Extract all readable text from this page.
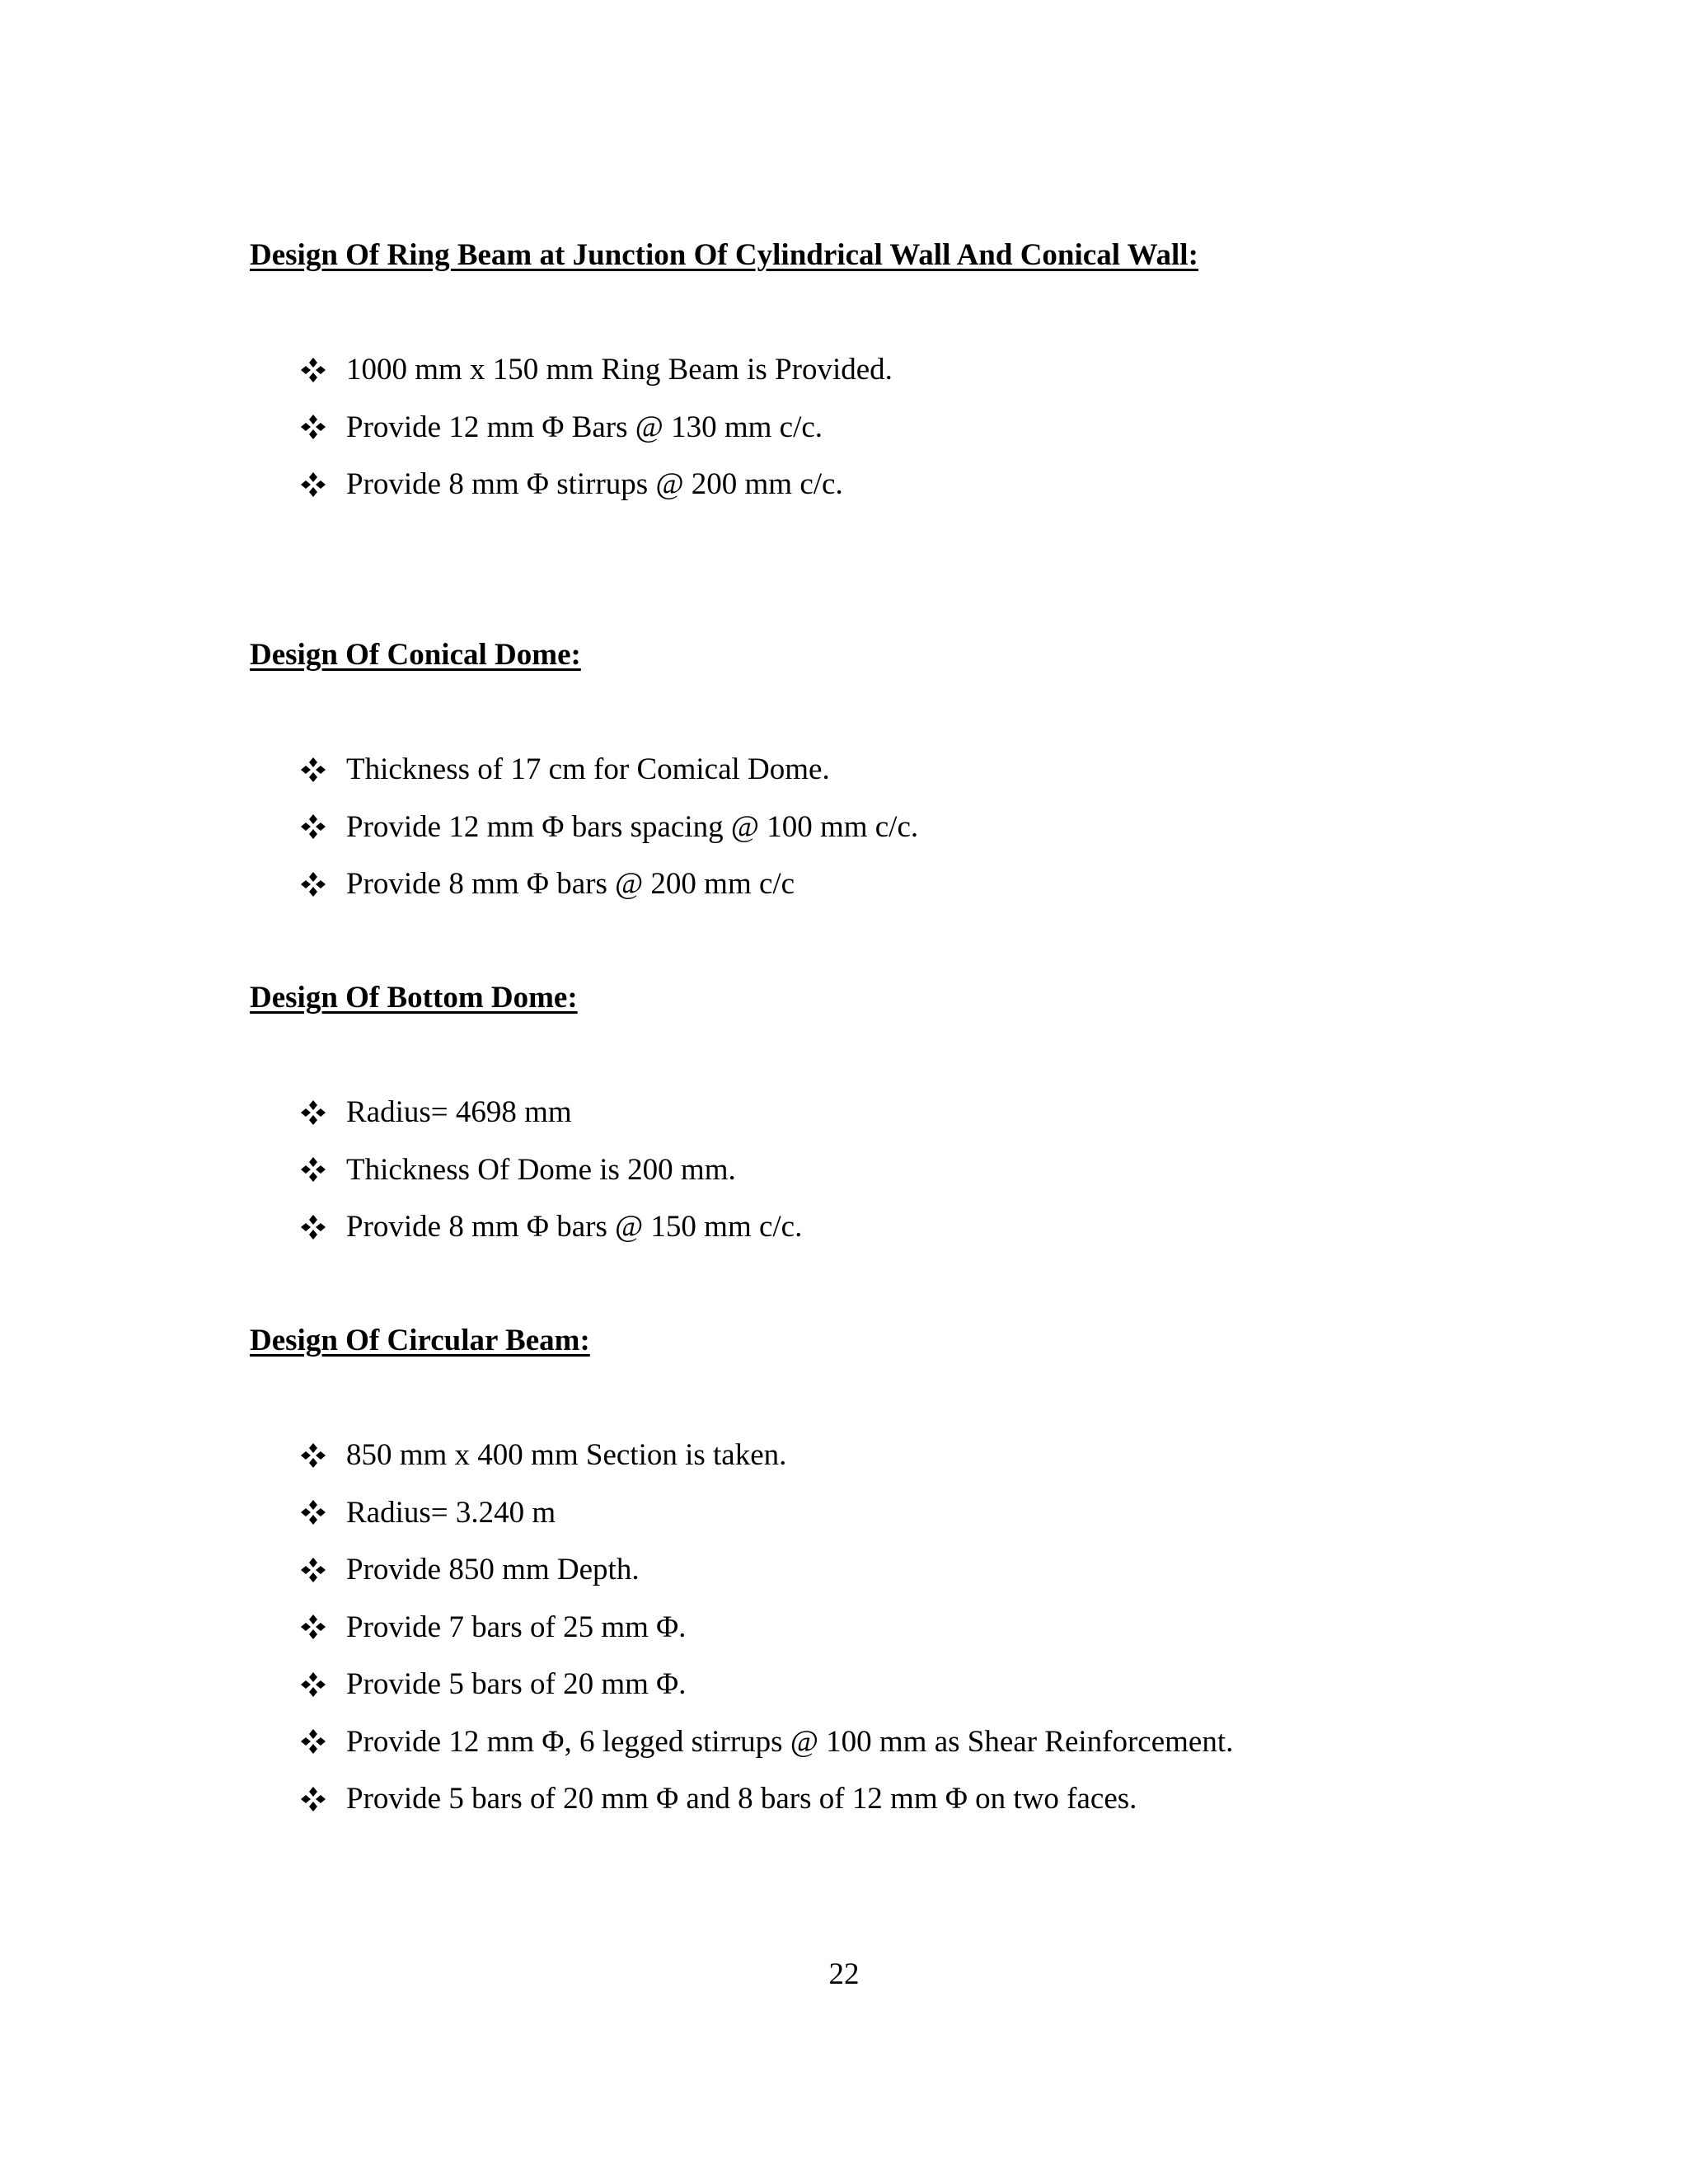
Design Of Ring Beam at Junction Of Cylindrical Wall And Conical Wall:
1000 mm x 150 mm Ring Beam is Provided.
Provide 12 mm Φ Bars @ 130 mm c/c.
Provide 8 mm Φ stirrups @ 200 mm c/c.
Design Of Conical Dome:
Thickness of 17 cm for Comical Dome.
Provide 12 mm Φ bars spacing @ 100 mm c/c.
Provide 8 mm Φ bars @ 200 mm c/c
Design Of Bottom Dome:
Radius= 4698 mm
Thickness Of Dome is 200 mm.
Provide 8 mm Φ bars @ 150 mm c/c.
Design Of Circular Beam:
850 mm x 400 mm Section is taken.
Radius= 3.240 m
Provide 850 mm Depth.
Provide 7 bars of 25 mm Φ.
Provide 5 bars of 20 mm Φ.
Provide 12 mm Φ, 6 legged stirrups @ 100 mm as Shear Reinforcement.
Provide 5 bars of 20 mm Φ and 8 bars of 12 mm Φ on two faces.
22
